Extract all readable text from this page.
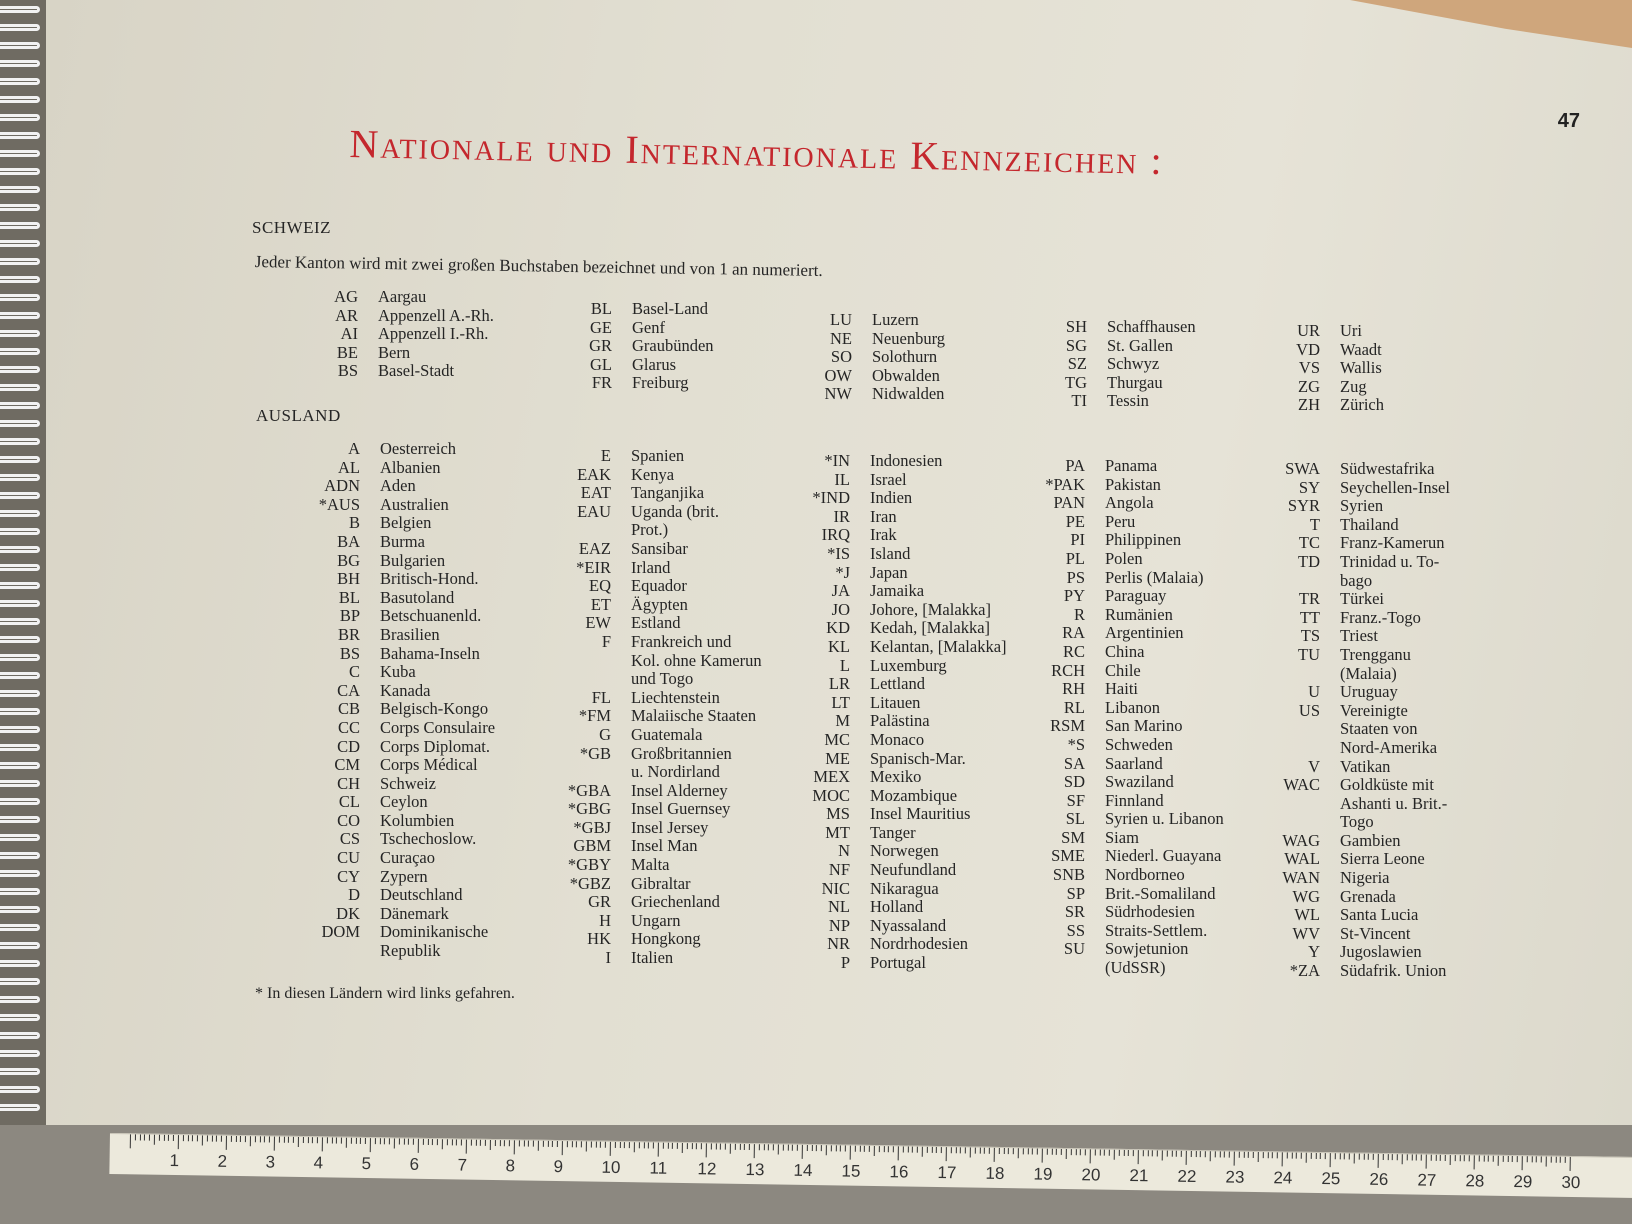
47
Nationale und Internationale Kennzeichen :
SCHWEIZ
Jeder Kanton wird mit zwei großen Buchstaben bezeichnet und von 1 an numeriert.
AG	Aargau
AR	Appenzell A.-Rh.
AI	Appenzell I.-Rh.
BE	Bern
BS	Basel-Stadt
BL	Basel-Land
GE	Genf
GR	Graubünden
GL	Glarus
FR	Freiburg
LU	Luzern
NE	Neuenburg
SO	Solothurn
OW	Obwalden
NW	Nidwalden
SH	Schaffhausen
SG	St. Gallen
SZ	Schwyz
TG	Thurgau
TI	Tessin
UR	Uri
VD	Waadt
VS	Wallis
ZG	Zug
ZH	Zürich
AUSLAND
A	Oesterreich
AL	Albanien
ADN	Aden
*AUS	Australien
B	Belgien
BA	Burma
BG	Bulgarien
BH	Britisch-Hond.
BL	Basutoland
BP	Betschuanenld.
BR	Brasilien
BS	Bahama-Inseln
C	Kuba
CA	Kanada
CB	Belgisch-Kongo
CC	Corps Consulaire
CD	Corps Diplomat.
CM	Corps Médical
CH	Schweiz
CL	Ceylon
CO	Kolumbien
CS	Tschechoslow.
CU	Curaçao
CY	Zypern
D	Deutschland
DK	Dänemark
DOM	Dominikanische
Republik
E	Spanien
EAK	Kenya
EAT	Tanganjika
EAU	Uganda (brit.
Prot.)
EAZ	Sansibar
*EIR	Irland
EQ	Equador
ET	Ägypten
EW	Estland
F	Frankreich und
Kol. ohne Kamerun
und Togo
FL	Liechtenstein
*FM	Malaiische Staaten
G	Guatemala
*GB	Großbritannien
u. Nordirland
*GBA	Insel Alderney
*GBG	Insel Guernsey
*GBJ	Insel Jersey
GBM	Insel Man
*GBY	Malta
*GBZ	Gibraltar
GR	Griechenland
H	Ungarn
HK	Hongkong
I	Italien
*IN	Indonesien
IL	Israel
*IND	Indien
IR	Iran
IRQ	Irak
*IS	Island
*J	Japan
JA	Jamaika
JO	Johore, [Malakka]
KD	Kedah, [Malakka]
KL	Kelantan, [Malakka]
L	Luxemburg
LR	Lettland
LT	Litauen
M	Palästina
MC	Monaco
ME	Spanisch-Mar.
MEX	Mexiko
MOC	Mozambique
MS	Insel Mauritius
MT	Tanger
N	Norwegen
NF	Neufundland
NIC	Nikaragua
NL	Holland
NP	Nyassaland
NR	Nordrhodesien
P	Portugal
PA	Panama
*PAK	Pakistan
PAN	Angola
PE	Peru
PI	Philippinen
PL	Polen
PS	Perlis (Malaia)
PY	Paraguay
R	Rumänien
RA	Argentinien
RC	China
RCH	Chile
RH	Haiti
RL	Libanon
RSM	San Marino
*S	Schweden
SA	Saarland
SD	Swaziland
SF	Finnland
SL	Syrien u. Libanon
SM	Siam
SME	Niederl. Guayana
SNB	Nordborneo
SP	Brit.-Somaliland
SR	Südrhodesien
SS	Straits-Settlem.
SU	Sowjetunion
(UdSSR)
SWA	Südwestafrika
SY	Seychellen-Insel
SYR	Syrien
T	Thailand
TC	Franz-Kamerun
TD	Trinidad u. To-
bago
TR	Türkei
TT	Franz.-Togo
TS	Triest
TU	Trengganu
(Malaia)
U	Uruguay
US	Vereinigte
Staaten von
Nord-Amerika
V	Vatikan
WAC	Goldküste mit
Ashanti u. Brit.-
Togo
WAG	Gambien
WAL	Sierra Leone
WAN	Nigeria
WG	Grenada
WL	Santa Lucia
WV	St-Vincent
Y	Jugoslawien
*ZA	Südafrik. Union
* In diesen Ländern wird links gefahren.
1 2 3 4 5 6 7 8 9 10 11 12 13 14 15 16 17 18 19 20 21 22 23 24 25 26 27 28 29 30
